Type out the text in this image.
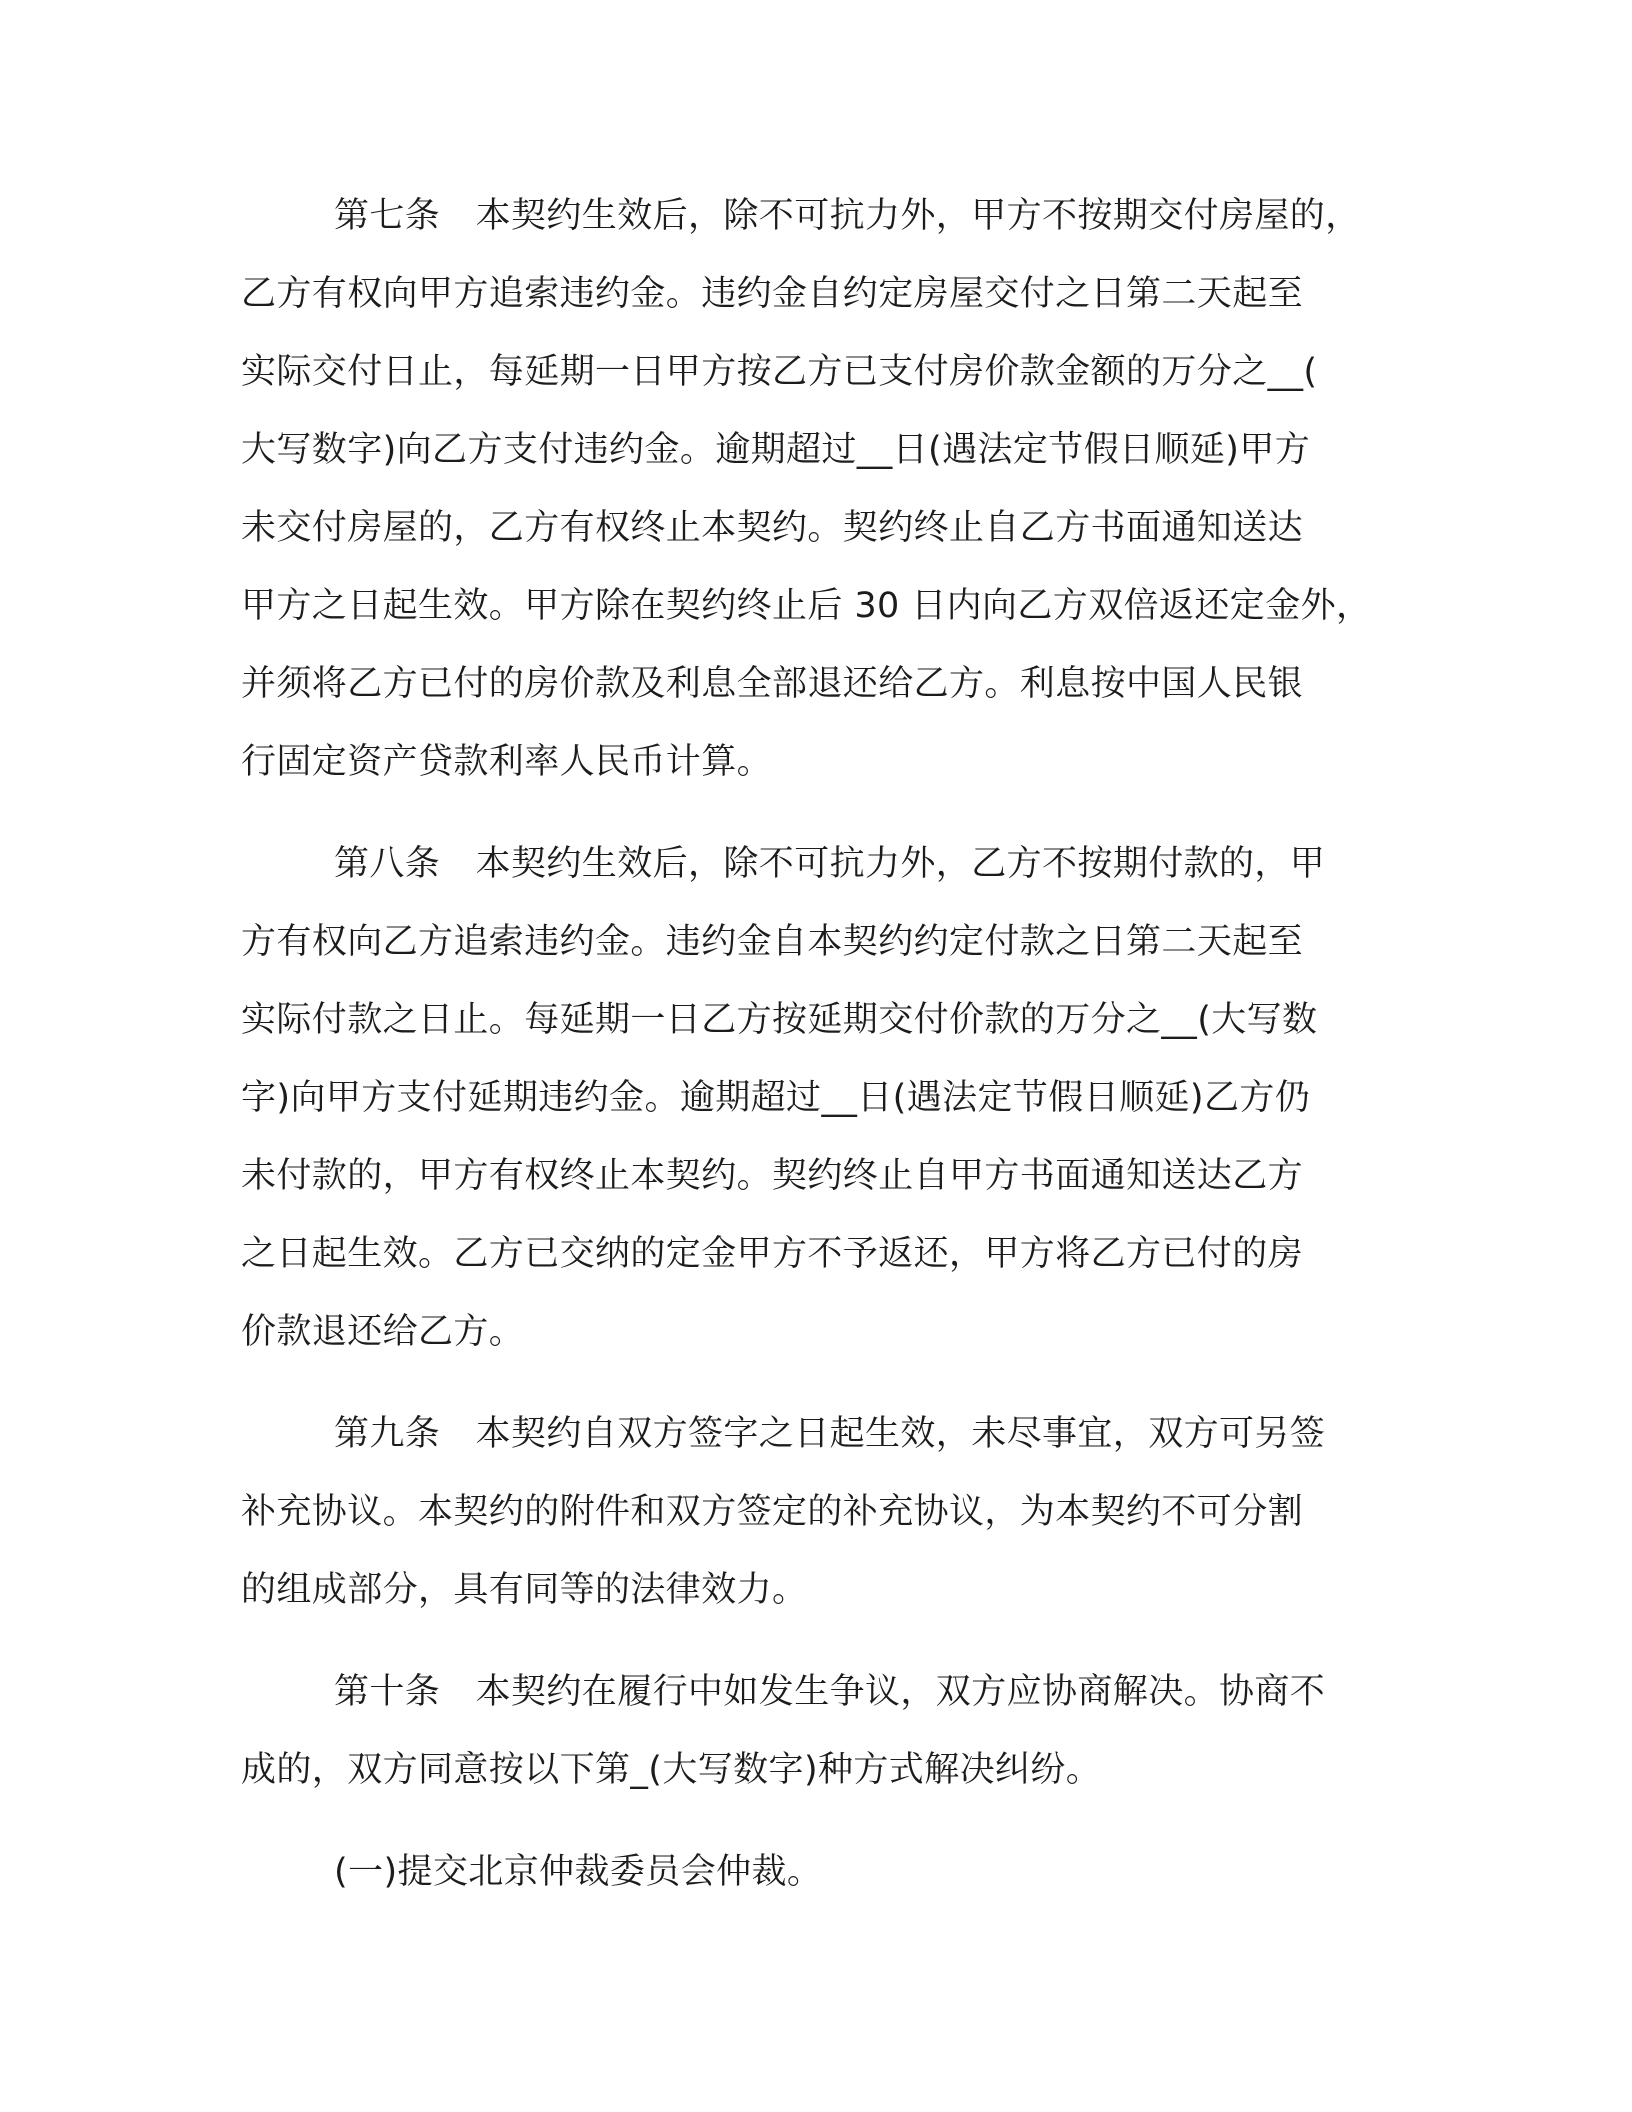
第七条　本契约生效后，除不可抗力外，甲方不按期交付房屋的，
乙方有权向甲方追索违约金。违约金自约定房屋交付之日第二天起至
实际交付日止，每延期一日甲方按乙方已支付房价款金额的万分之__(
大写数字)向乙方支付违约金。逾期超过__日(遇法定节假日顺延)甲方
未交付房屋的，乙方有权终止本契约。契约终止自乙方书面通知送达
甲方之日起生效。甲方除在契约终止后 30 日内向乙方双倍返还定金外，
并须将乙方已付的房价款及利息全部退还给乙方。利息按中国人民银
行固定资产贷款利率人民币计算。
第八条　本契约生效后，除不可抗力外，乙方不按期付款的，甲
方有权向乙方追索违约金。违约金自本契约约定付款之日第二天起至
实际付款之日止。每延期一日乙方按延期交付价款的万分之__(大写数
字)向甲方支付延期违约金。逾期超过__日(遇法定节假日顺延)乙方仍
未付款的，甲方有权终止本契约。契约终止自甲方书面通知送达乙方
之日起生效。乙方已交纳的定金甲方不予返还，甲方将乙方已付的房
价款退还给乙方。
第九条　本契约自双方签字之日起生效，未尽事宜，双方可另签
补充协议。本契约的附件和双方签定的补充协议，为本契约不可分割
的组成部分，具有同等的法律效力。
第十条　本契约在履行中如发生争议，双方应协商解决。协商不
成的，双方同意按以下第_(大写数字)种方式解决纠纷。
(一)提交北京仲裁委员会仲裁。
